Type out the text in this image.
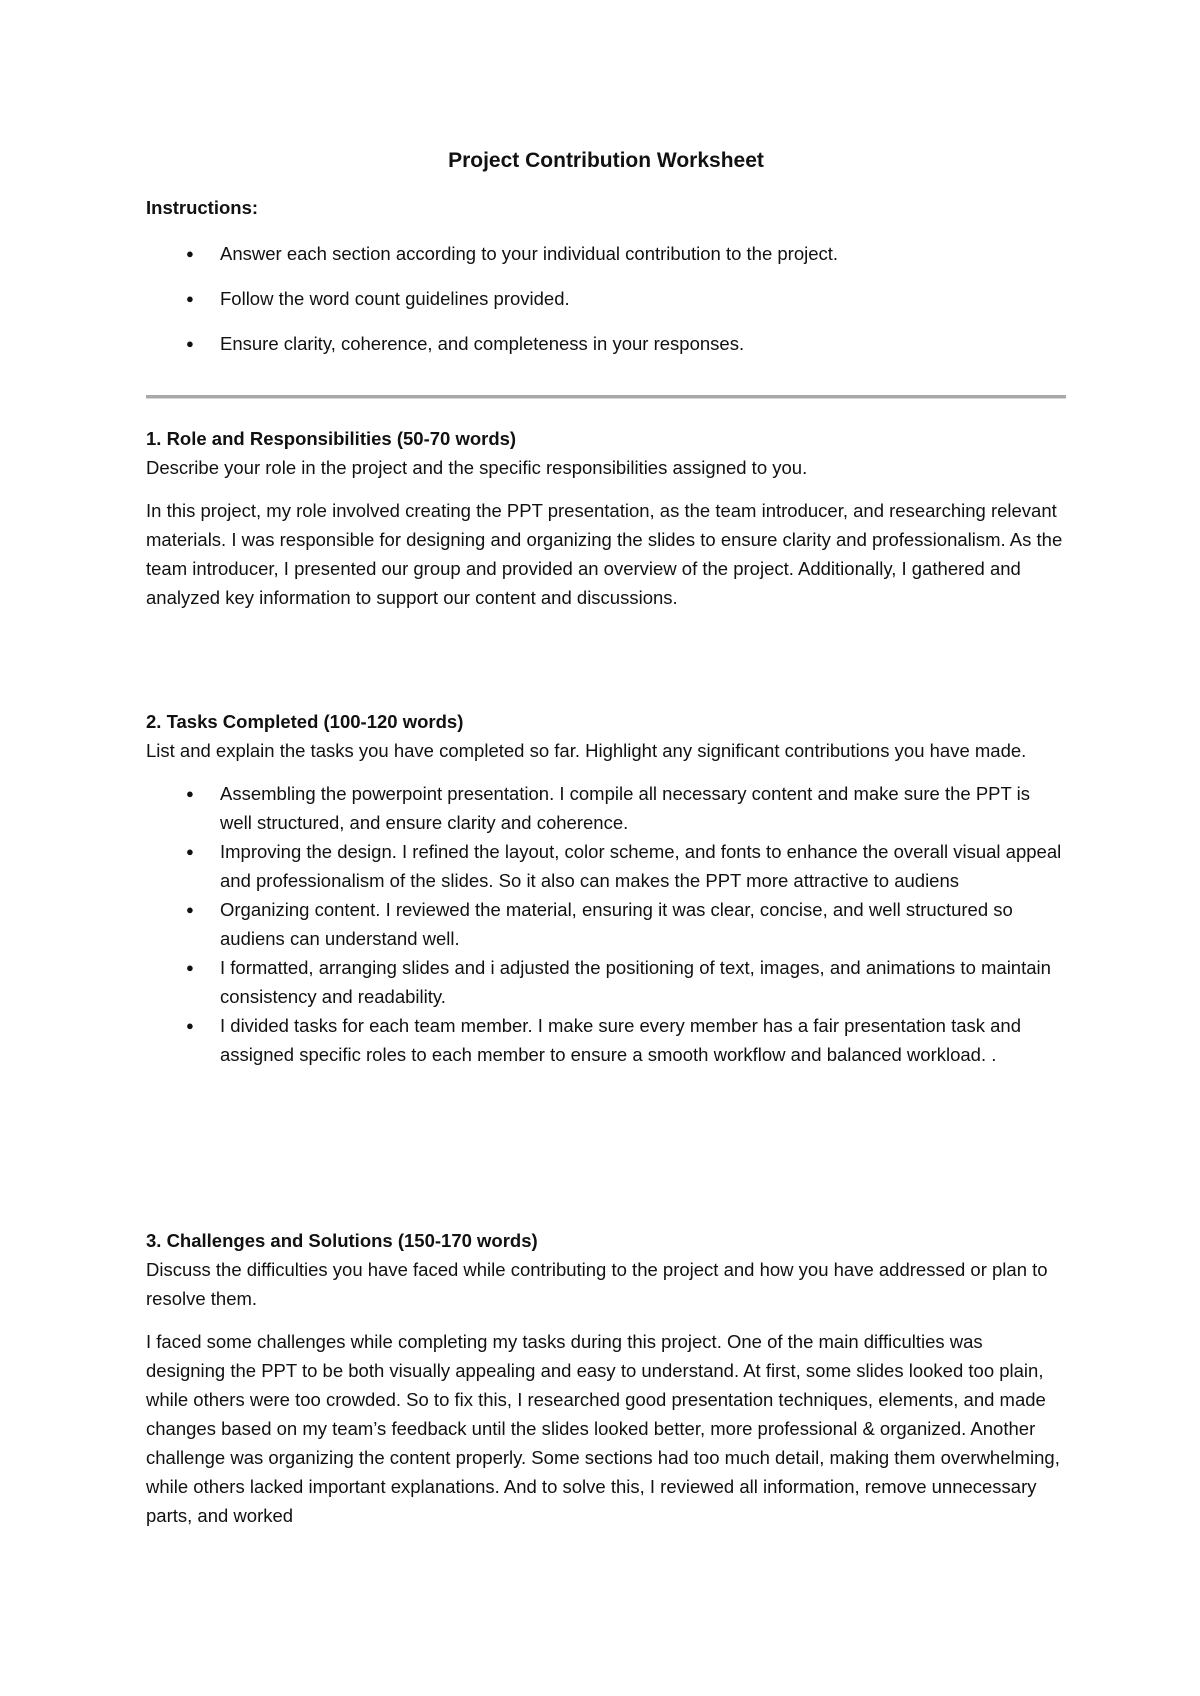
Project Contribution Worksheet
Instructions:
● Answer each section according to your individual contribution to the project.
● Follow the word count guidelines provided.
● Ensure clarity, coherence, and completeness in your responses.
1. Role and Responsibilities (50-70 words)

Describe your role in the project and the specific responsibilities assigned to you.

In this project, my role involved creating the PPT presentation, as the team introducer, and researching relevant materials. I was responsible for designing and organizing the slides to ensure clarity and professionalism. As the team introducer, I presented our group and provided an overview of the project. Additionally, I gathered and analyzed key information to support our content and discussions.

2. Tasks Completed (100-120 words)

List and explain the tasks you have completed so far. Highlight any significant contributions you have made.

● Assembling the powerpoint presentation. I compile all necessary content and make sure the PPT is well structured, and ensure clarity and coherence.
● Improving the design. I refined the layout, color scheme, and fonts to enhance the overall visual appeal and professionalism of the slides. So it also can makes the PPT more attractive to audiens
● Organizing content. I reviewed the material, ensuring it was clear, concise, and well structured so audiens can understand well.
● I formatted, arranging slides and i adjusted the positioning of text, images, and animations to maintain consistency and readability.
● I divided tasks for each team member. I make sure every member has a fair presentation task and assigned specific roles to each member to ensure a smooth workflow and balanced workload. .
3. Challenges and Solutions (150-170 words)

Discuss the difficulties you have faced while contributing to the project and how you have addressed or plan to resolve them.

I faced some challenges while completing my tasks during this project. One of the main difficulties was designing the PPT to be both visually appealing and easy to understand. At first, some slides looked too plain, while others were too crowded. So to fix this, I researched good presentation techniques, elements, and made changes based on my team’s feedback until the slides looked better, more professional & organized. Another challenge was organizing the content properly. Some sections had too much detail, making them overwhelming, while others lacked important explanations. And to solve this, I reviewed all information, remove unnecessary parts, and worked
